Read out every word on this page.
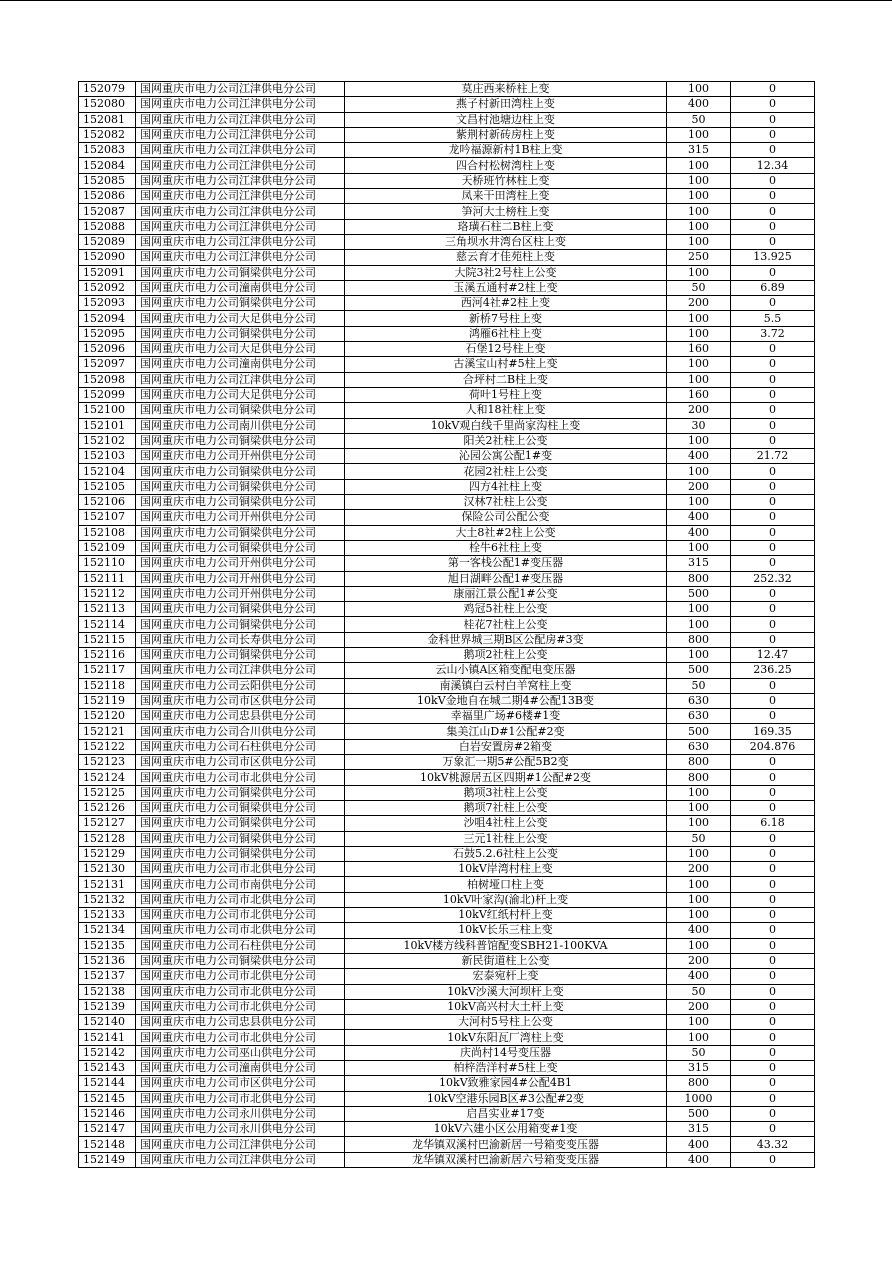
152079	国网重庆市电力公司江津供电分公司	莫庄西来桥柱上变	100	0
152080	国网重庆市电力公司江津供电分公司	燕子村新田湾柱上变	400	0
152081	国网重庆市电力公司江津供电分公司	文昌村池塘边柱上变	50	0
152082	国网重庆市电力公司江津供电分公司	紫荆村新砖房柱上变	100	0
152083	国网重庆市电力公司江津供电分公司	龙吟福源新村1B柱上变	315	0
152084	国网重庆市电力公司江津供电分公司	四合村松树湾柱上变	100	12.34
152085	国网重庆市电力公司江津供电分公司	天桥班竹林柱上变	100	0
152086	国网重庆市电力公司江津供电分公司	凤来干田湾柱上变	100	0
152087	国网重庆市电力公司江津供电分公司	笋河大土榜柱上变	100	0
152088	国网重庆市电力公司江津供电分公司	珞璜石柱二B柱上变	100	0
152089	国网重庆市电力公司江津供电分公司	三角坝水井湾台区柱上变	100	0
152090	国网重庆市电力公司江津供电分公司	慈云育才佳苑柱上变	250	13.925
152091	国网重庆市电力公司铜梁供电分公司	大院3社2号柱上公变	100	0
152092	国网重庆市电力公司潼南供电分公司	玉溪五通村#2柱上变	50	6.89
152093	国网重庆市电力公司铜梁供电分公司	西河4社#2柱上变	200	0
152094	国网重庆市电力公司大足供电分公司	新桥7号柱上变	100	5.5
152095	国网重庆市电力公司铜梁供电分公司	鸿雁6社柱上变	100	3.72
152096	国网重庆市电力公司大足供电分公司	石堡12号柱上变	160	0
152097	国网重庆市电力公司潼南供电分公司	古溪宝山村#5柱上变	100	0
152098	国网重庆市电力公司江津供电分公司	合坪村二B柱上变	100	0
152099	国网重庆市电力公司大足供电分公司	荷叶1号柱上变	160	0
152100	国网重庆市电力公司铜梁供电分公司	人和18社柱上变	200	0
152101	国网重庆市电力公司南川供电分公司	10kV观白线千里尚家沟柱上变	30	0
152102	国网重庆市电力公司铜梁供电分公司	阳关2社柱上公变	100	0
152103	国网重庆市电力公司开州供电分公司	沁园公寓公配1#变	400	21.72
152104	国网重庆市电力公司铜梁供电分公司	花园2社柱上公变	100	0
152105	国网重庆市电力公司铜梁供电分公司	四方4社柱上变	200	0
152106	国网重庆市电力公司铜梁供电分公司	汉林7社柱上公变	100	0
152107	国网重庆市电力公司开州供电分公司	保险公司公配公变	400	0
152108	国网重庆市电力公司铜梁供电分公司	大土8社#2柱上公变	400	0
152109	国网重庆市电力公司铜梁供电分公司	栓牛6社柱上变	100	0
152110	国网重庆市电力公司开州供电分公司	第一客栈公配1#变压器	315	0
152111	国网重庆市电力公司开州供电分公司	旭日湖畔公配1#变压器	800	252.32
152112	国网重庆市电力公司开州供电分公司	康丽江景公配1#公变	500	0
152113	国网重庆市电力公司铜梁供电分公司	鸡冠5社柱上公变	100	0
152114	国网重庆市电力公司铜梁供电分公司	桂花7社柱上公变	100	0
152115	国网重庆市电力公司长寿供电分公司	金科世界城三期B区公配房#3变	800	0
152116	国网重庆市电力公司铜梁供电分公司	鹅项2社柱上公变	100	12.47
152117	国网重庆市电力公司江津供电分公司	云山小镇A区箱变配电变压器	500	236.25
152118	国网重庆市电力公司云阳供电分公司	南溪镇白云村白羊窝柱上变	50	0
152119	国网重庆市电力公司市区供电分公司	10kV金地自在城二期4#公配13B变	630	0
152120	国网重庆市电力公司忠县供电分公司	幸福里广场#6楼#1变	630	0
152121	国网重庆市电力公司合川供电分公司	集美江山D#1公配#2变	500	169.35
152122	国网重庆市电力公司石柱供电分公司	白岩安置房#2箱变	630	204.876
152123	国网重庆市电力公司市区供电分公司	万象汇一期5#公配5B2变	800	0
152124	国网重庆市电力公司市北供电分公司	10kV桃源居五区四期#1公配#2变	800	0
152125	国网重庆市电力公司铜梁供电分公司	鹅项3社柱上公变	100	0
152126	国网重庆市电力公司铜梁供电分公司	鹅项7社柱上公变	100	0
152127	国网重庆市电力公司铜梁供电分公司	沙咀4社柱上公变	100	6.18
152128	国网重庆市电力公司铜梁供电分公司	三元1社柱上公变	50	0
152129	国网重庆市电力公司铜梁供电分公司	石鼓5.2.6社柱上公变	100	0
152130	国网重庆市电力公司市北供电分公司	10kV岸湾村柱上变	200	0
152131	国网重庆市电力公司市南供电分公司	柏树垭口柱上变	100	0
152132	国网重庆市电力公司市北供电分公司	10kV叶家沟(渝北)杆上变	100	0
152133	国网重庆市电力公司市北供电分公司	10kV红纸村杆上变	100	0
152134	国网重庆市电力公司市北供电分公司	10kV长乐三柱上变	400	0
152135	国网重庆市电力公司石柱供电分公司	10kV楼方线科普馆配变SBH21-100KVA	100	0
152136	国网重庆市电力公司铜梁供电分公司	新民街道柱上公变	200	0
152137	国网重庆市电力公司市北供电分公司	宏泰宛杆上变	400	0
152138	国网重庆市电力公司市北供电分公司	10kV沙溪大河坝杆上变	50	0
152139	国网重庆市电力公司市北供电分公司	10kV高兴村大土杆上变	200	0
152140	国网重庆市电力公司忠县供电分公司	大河村5号柱上公变	100	0
152141	国网重庆市电力公司市北供电分公司	10kV东阳瓦厂湾柱上变	100	0
152142	国网重庆市电力公司巫山供电分公司	庆尚村14号变压器	50	0
152143	国网重庆市电力公司潼南供电分公司	柏梓浩洋村#5柱上变	315	0
152144	国网重庆市电力公司市区供电分公司	10kV致雅家园4#公配4B1	800	0
152145	国网重庆市电力公司市北供电分公司	10kV空港乐园B区#3公配#2变	1000	0
152146	国网重庆市电力公司永川供电分公司	启昌实业#17变	500	0
152147	国网重庆市电力公司永川供电分公司	10kV六建小区公用箱变#1变	315	0
152148	国网重庆市电力公司江津供电分公司	龙华镇双溪村巴渝新居一号箱变变压器	400	43.32
152149	国网重庆市电力公司江津供电分公司	龙华镇双溪村巴渝新居六号箱变变压器	400	0
